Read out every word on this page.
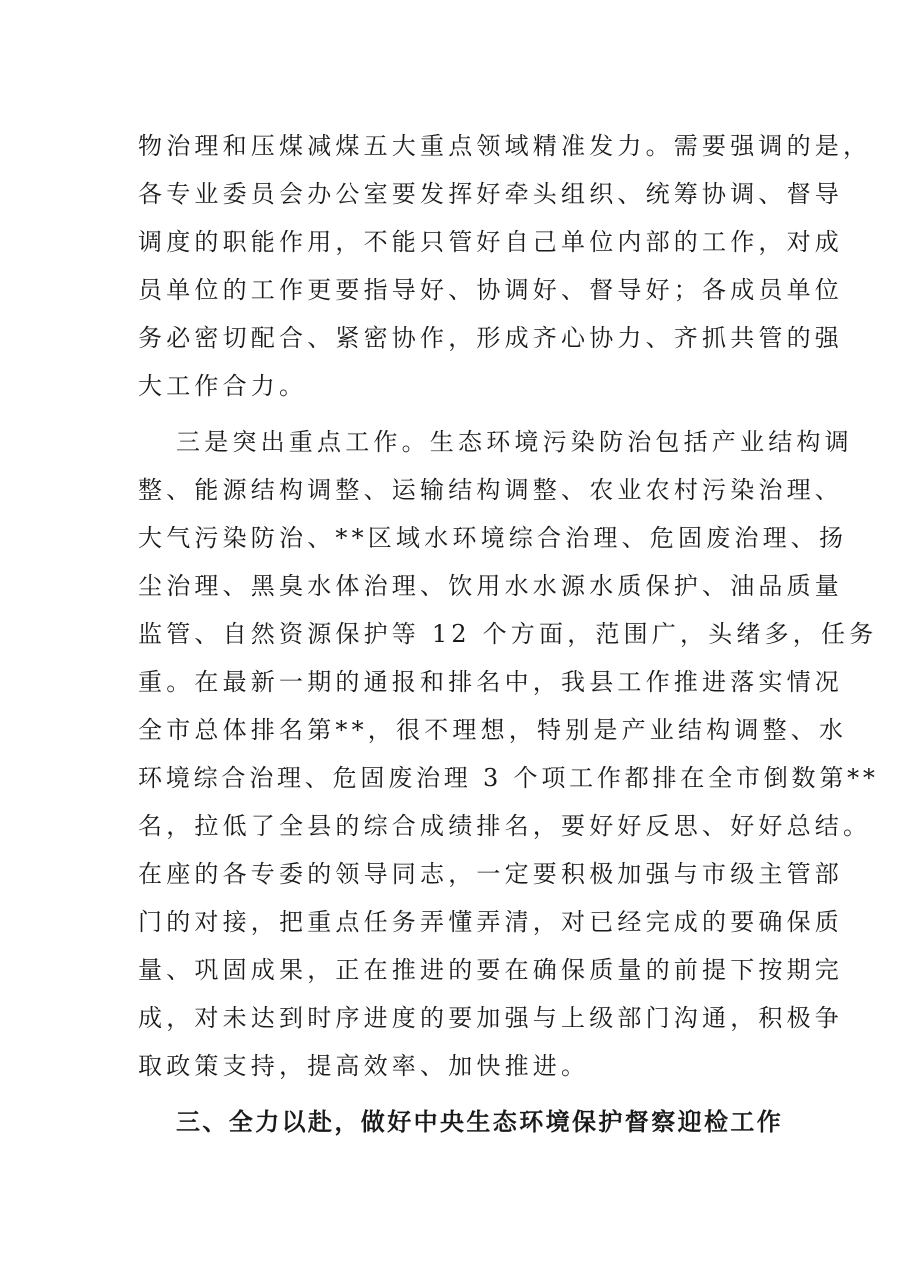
物治理和压煤减煤五大重点领域精准发力。需要强调的是，
各专业委员会办公室要发挥好牵头组织、统筹协调、督导
调度的职能作用，不能只管好自己单位内部的工作，对成
员单位的工作更要指导好、协调好、督导好；各成员单位
务必密切配合、紧密协作，形成齐心协力、齐抓共管的强
大工作合力。
三是突出重点工作。生态环境污染防治包括产业结构调
整、能源结构调整、运输结构调整、农业农村污染治理、
大气污染防治、**区域水环境综合治理、危固废治理、扬
尘治理、黑臭水体治理、饮用水水源水质保护、油品质量
监管、自然资源保护等 12 个方面，范围广，头绪多，任务
重。在最新一期的通报和排名中，我县工作推进落实情况
全市总体排名第**，很不理想，特别是产业结构调整、水
环境综合治理、危固废治理 3 个项工作都排在全市倒数第**
名，拉低了全县的综合成绩排名，要好好反思、好好总结。
在座的各专委的领导同志，一定要积极加强与市级主管部
门的对接，把重点任务弄懂弄清，对已经完成的要确保质
量、巩固成果，正在推进的要在确保质量的前提下按期完
成，对未达到时序进度的要加强与上级部门沟通，积极争
取政策支持，提高效率、加快推进。
三、全力以赴，做好中央生态环境保护督察迎检工作
